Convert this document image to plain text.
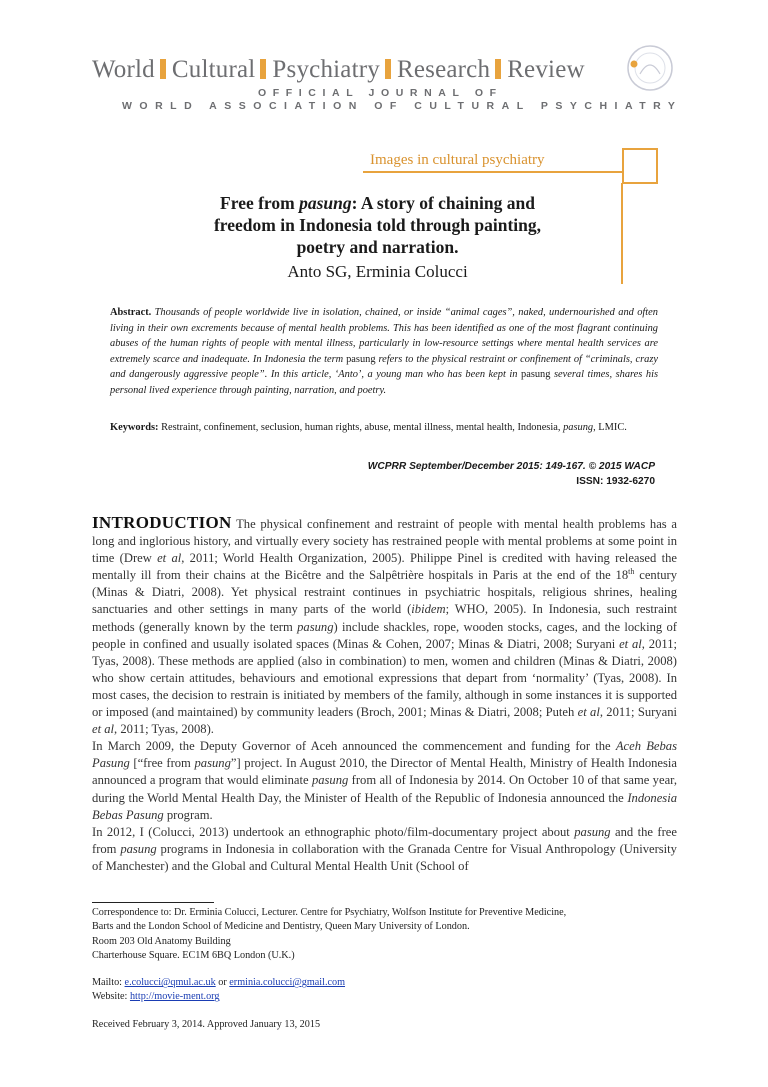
World Cultural Psychiatry Research Review
OFFICIAL JOURNAL OF
WORLD ASSOCIATION OF CULTURAL PSYCHIATRY
Images in cultural psychiatry
Free from pasung: A story of chaining and
freedom in Indonesia told through painting,
poetry and narration.
Anto SG, Erminia Colucci
Abstract. Thousands of people worldwide live in isolation, chained, or inside “animal cages”, naked, undernourished and often living in their own excrements because of mental health problems. This has been identified as one of the most flagrant continuing abuses of the human rights of people with mental illness, particularly in low-resource settings where mental health services are extremely scarce and inadequate. In Indonesia the term pasung refers to the physical restraint or confinement of “criminals, crazy and dangerously aggressive people”. In this article, ‘Anto’, a young man who has been kept in pasung several times, shares his personal lived experience through painting, narration, and poetry.
Keywords: Restraint, confinement, seclusion, human rights, abuse, mental illness, mental health, Indonesia, pasung, LMIC.
WCPRR September/December 2015: 149-167. © 2015 WACP
ISSN: 1932-6270

INTRODUCTION The physical confinement and restraint of people with mental health problems has a long and inglorious history, and virtually every society has restrained people with mental problems at some point in time (Drew et al, 2011; World Health Organization, 2005). Philippe Pinel is credited with having released the mentally ill from their chains at the Bicêtre and the Salpêtrière hospitals in Paris at the end of the 18th century (Minas & Diatri, 2008). Yet physical restraint continues in psychiatric hospitals, religious shrines, healing sanctuaries and other settings in many parts of the world (ibidem; WHO, 2005). In Indonesia, such restraint methods (generally known by the term pasung) include shackles, rope, wooden stocks, cages, and the locking of people in confined and usually isolated spaces (Minas & Cohen, 2007; Minas & Diatri, 2008; Suryani et al, 2011; Tyas, 2008). These methods are applied (also in combination) to men, women and children (Minas & Diatri, 2008) who show certain attitudes, behaviours and emotional expressions that depart from ‘normality’ (Tyas, 2008). In most cases, the decision to restrain is initiated by members of the family, although in some instances it is supported or imposed (and maintained) by community leaders (Broch, 2001; Minas & Diatri, 2008; Puteh et al, 2011; Suryani et al, 2011; Tyas, 2008).

In March 2009, the Deputy Governor of Aceh announced the commencement and funding for the Aceh Bebas Pasung [“free from pasung”] project. In August 2010, the Director of Mental Health, Ministry of Health Indonesia announced a program that would eliminate pasung from all of Indonesia by 2014. On October 10 of that same year, during the World Mental Health Day, the Minister of Health of the Republic of Indonesia announced the Indonesia Bebas Pasung program.

In 2012, I (Colucci, 2013) undertook an ethnographic photo/film-documentary project about pasung and the free from pasung programs in Indonesia in collaboration with the Granada Centre for Visual Anthropology (University of Manchester) and the Global and Cultural Mental Health Unit (School of

Correspondence to: Dr. Erminia Colucci, Lecturer. Centre for Psychiatry, Wolfson Institute for Preventive Medicine,
Barts and the London School of Medicine and Dentistry, Queen Mary University of London.
Room 203 Old Anatomy Building
Charterhouse Square. EC1M 6BQ London (U.K.)
Mailto: e.colucci@qmul.ac.uk or erminia.colucci@gmail.com
Website: http://movie-ment.org
Received February 3, 2014. Approved January 13, 2015
